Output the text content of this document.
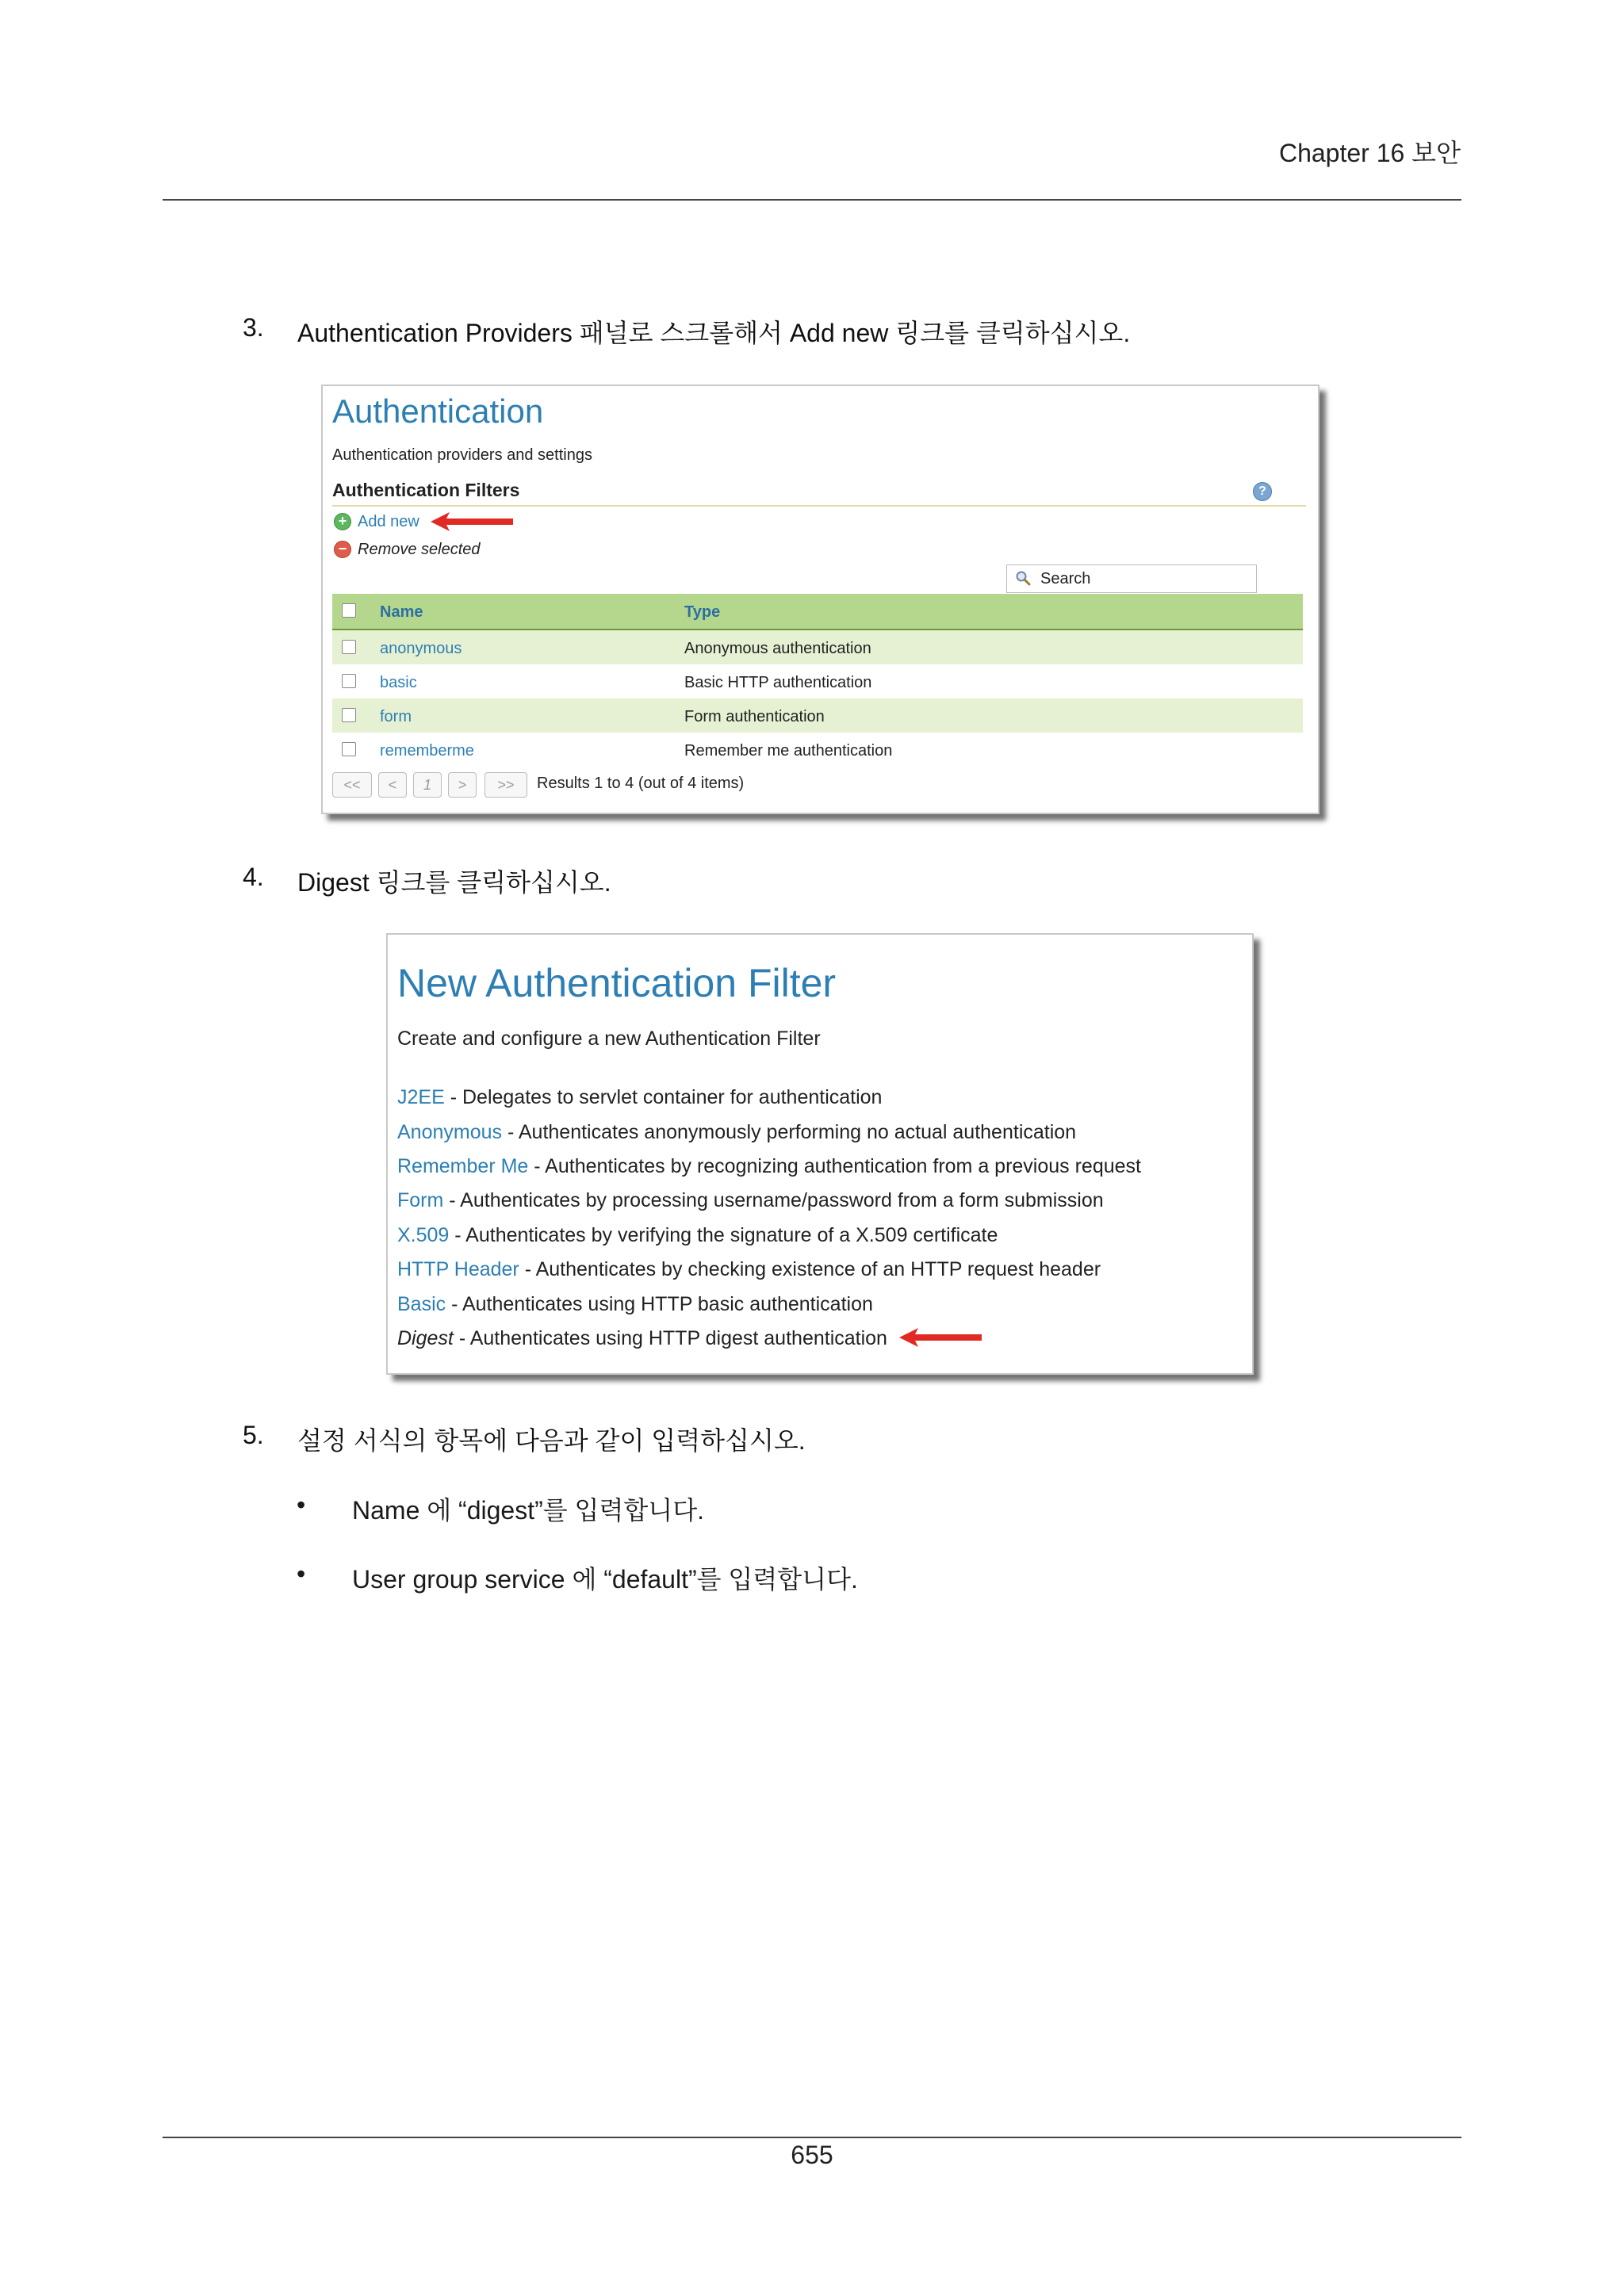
Chapter 16 보안
3. Authentication Providers 패널로 스크롤해서 Add new 링크를 클릭하십시오.
Authentication
Authentication providers and settings
Authentication Filters	?
+ Add new
− Remove selected
Search
Name	Type
anonymous	Anonymous authentication
basic	Basic HTTP authentication
form	Form authentication
rememberme	Remember me authentication
<<	<	1	>	>>	Results 1 to 4 (out of 4 items)
4. Digest 링크를 클릭하십시오.
New Authentication Filter
Create and configure a new Authentication Filter
J2EE - Delegates to servlet container for authentication
Anonymous - Authenticates anonymously performing no actual authentication
Remember Me - Authenticates by recognizing authentication from a previous request
Form - Authenticates by processing username/password from a form submission
X.509 - Authenticates by verifying the signature of a X.509 certificate
HTTP Header - Authenticates by checking existence of an HTTP request header
Basic - Authenticates using HTTP basic authentication
Digest - Authenticates using HTTP digest authentication
5. 설정 서식의 항목에 다음과 같이 입력하십시오.
• Name 에 “digest”를 입력합니다.
• User group service 에 “default”를 입력합니다.
655
